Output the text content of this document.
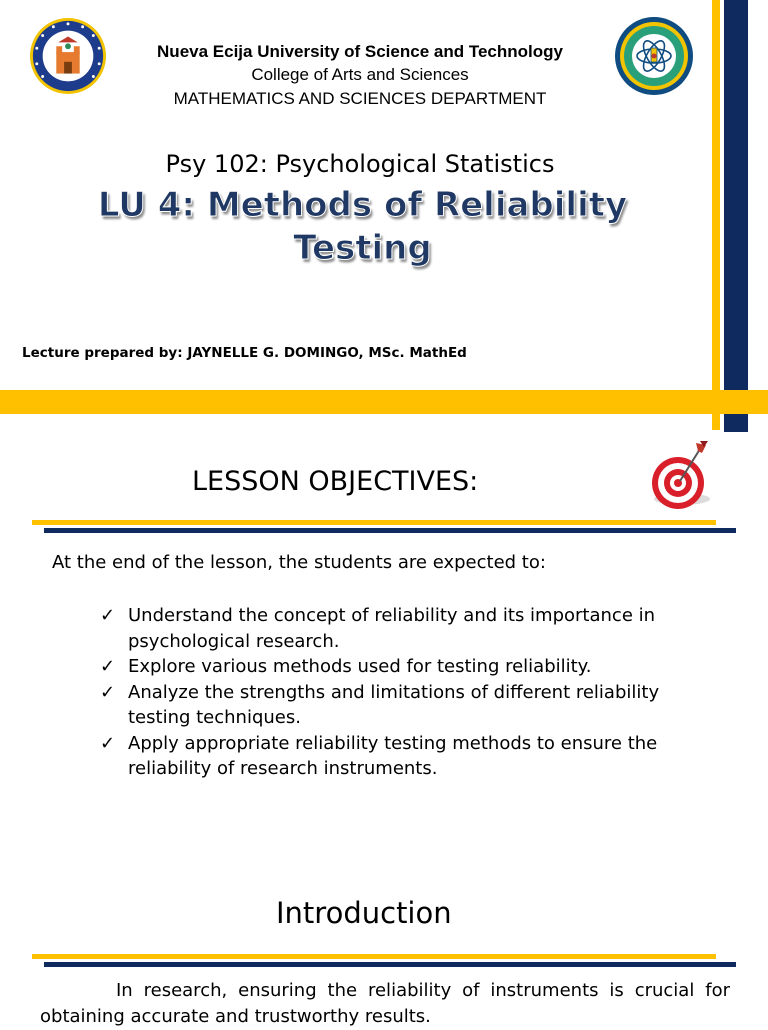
Nueva Ecija University of Science and Technology
College of Arts and Sciences
MATHEMATICS AND SCIENCES DEPARTMENT
Psy 102: Psychological Statistics
LU 4: Methods of Reliability
Testing
Lecture prepared by: JAYNELLE G. DOMINGO, MSc. MathEd
LESSON OBJECTIVES:
At the end of the lesson, the students are expected to:
✓ Understand the concept of reliability and its importance in psychological research.
✓ Explore various methods used for testing reliability.
✓ Analyze the strengths and limitations of different reliability testing techniques.
✓ Apply appropriate reliability testing methods to ensure the reliability of research instruments.
Introduction
In research, ensuring the reliability of instruments is crucial for obtaining accurate and trustworthy results.
